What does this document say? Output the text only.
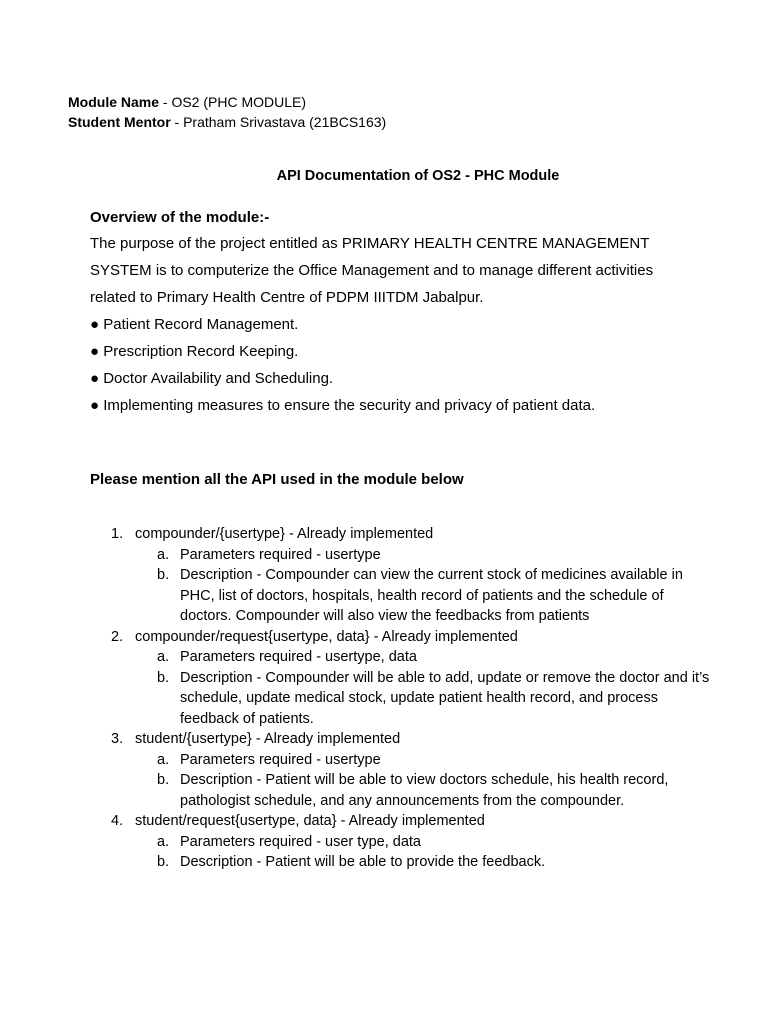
Module Name - OS2 (PHC MODULE)
Student Mentor - Pratham Srivastava (21BCS163)
API Documentation of OS2 - PHC Module

Overview of the module:-

The purpose of the project entitled as PRIMARY HEALTH CENTRE MANAGEMENT
SYSTEM is to computerize the Office Management and to manage different activities
related to Primary Health Centre of PDPM IIITDM Jabalpur.
● Patient Record Management.
● Prescription Record Keeping.
● Doctor Availability and Scheduling.
● Implementing measures to ensure the security and privacy of patient data.

Please mention all the API used in the module below

1. compounder/{usertype} - Already implemented
a. Parameters required - usertype
b. Description - Compounder can view the current stock of medicines available in PHC, list of doctors, hospitals, health record of patients and the schedule of doctors. Compounder will also view the feedbacks from patients
2. compounder/request{usertype, data} - Already implemented
a. Parameters required - usertype, data
b. Description - Compounder will be able to add, update or remove the doctor and it’s schedule, update medical stock, update patient health record, and process feedback of patients.
3. student/{usertype} - Already implemented
a. Parameters required - usertype
b. Description - Patient will be able to view doctors schedule, his health record, pathologist schedule, and any announcements from the compounder.
4. student/request{usertype, data} - Already implemented
a. Parameters required - user type, data
b. Description - Patient will be able to provide the feedback.
